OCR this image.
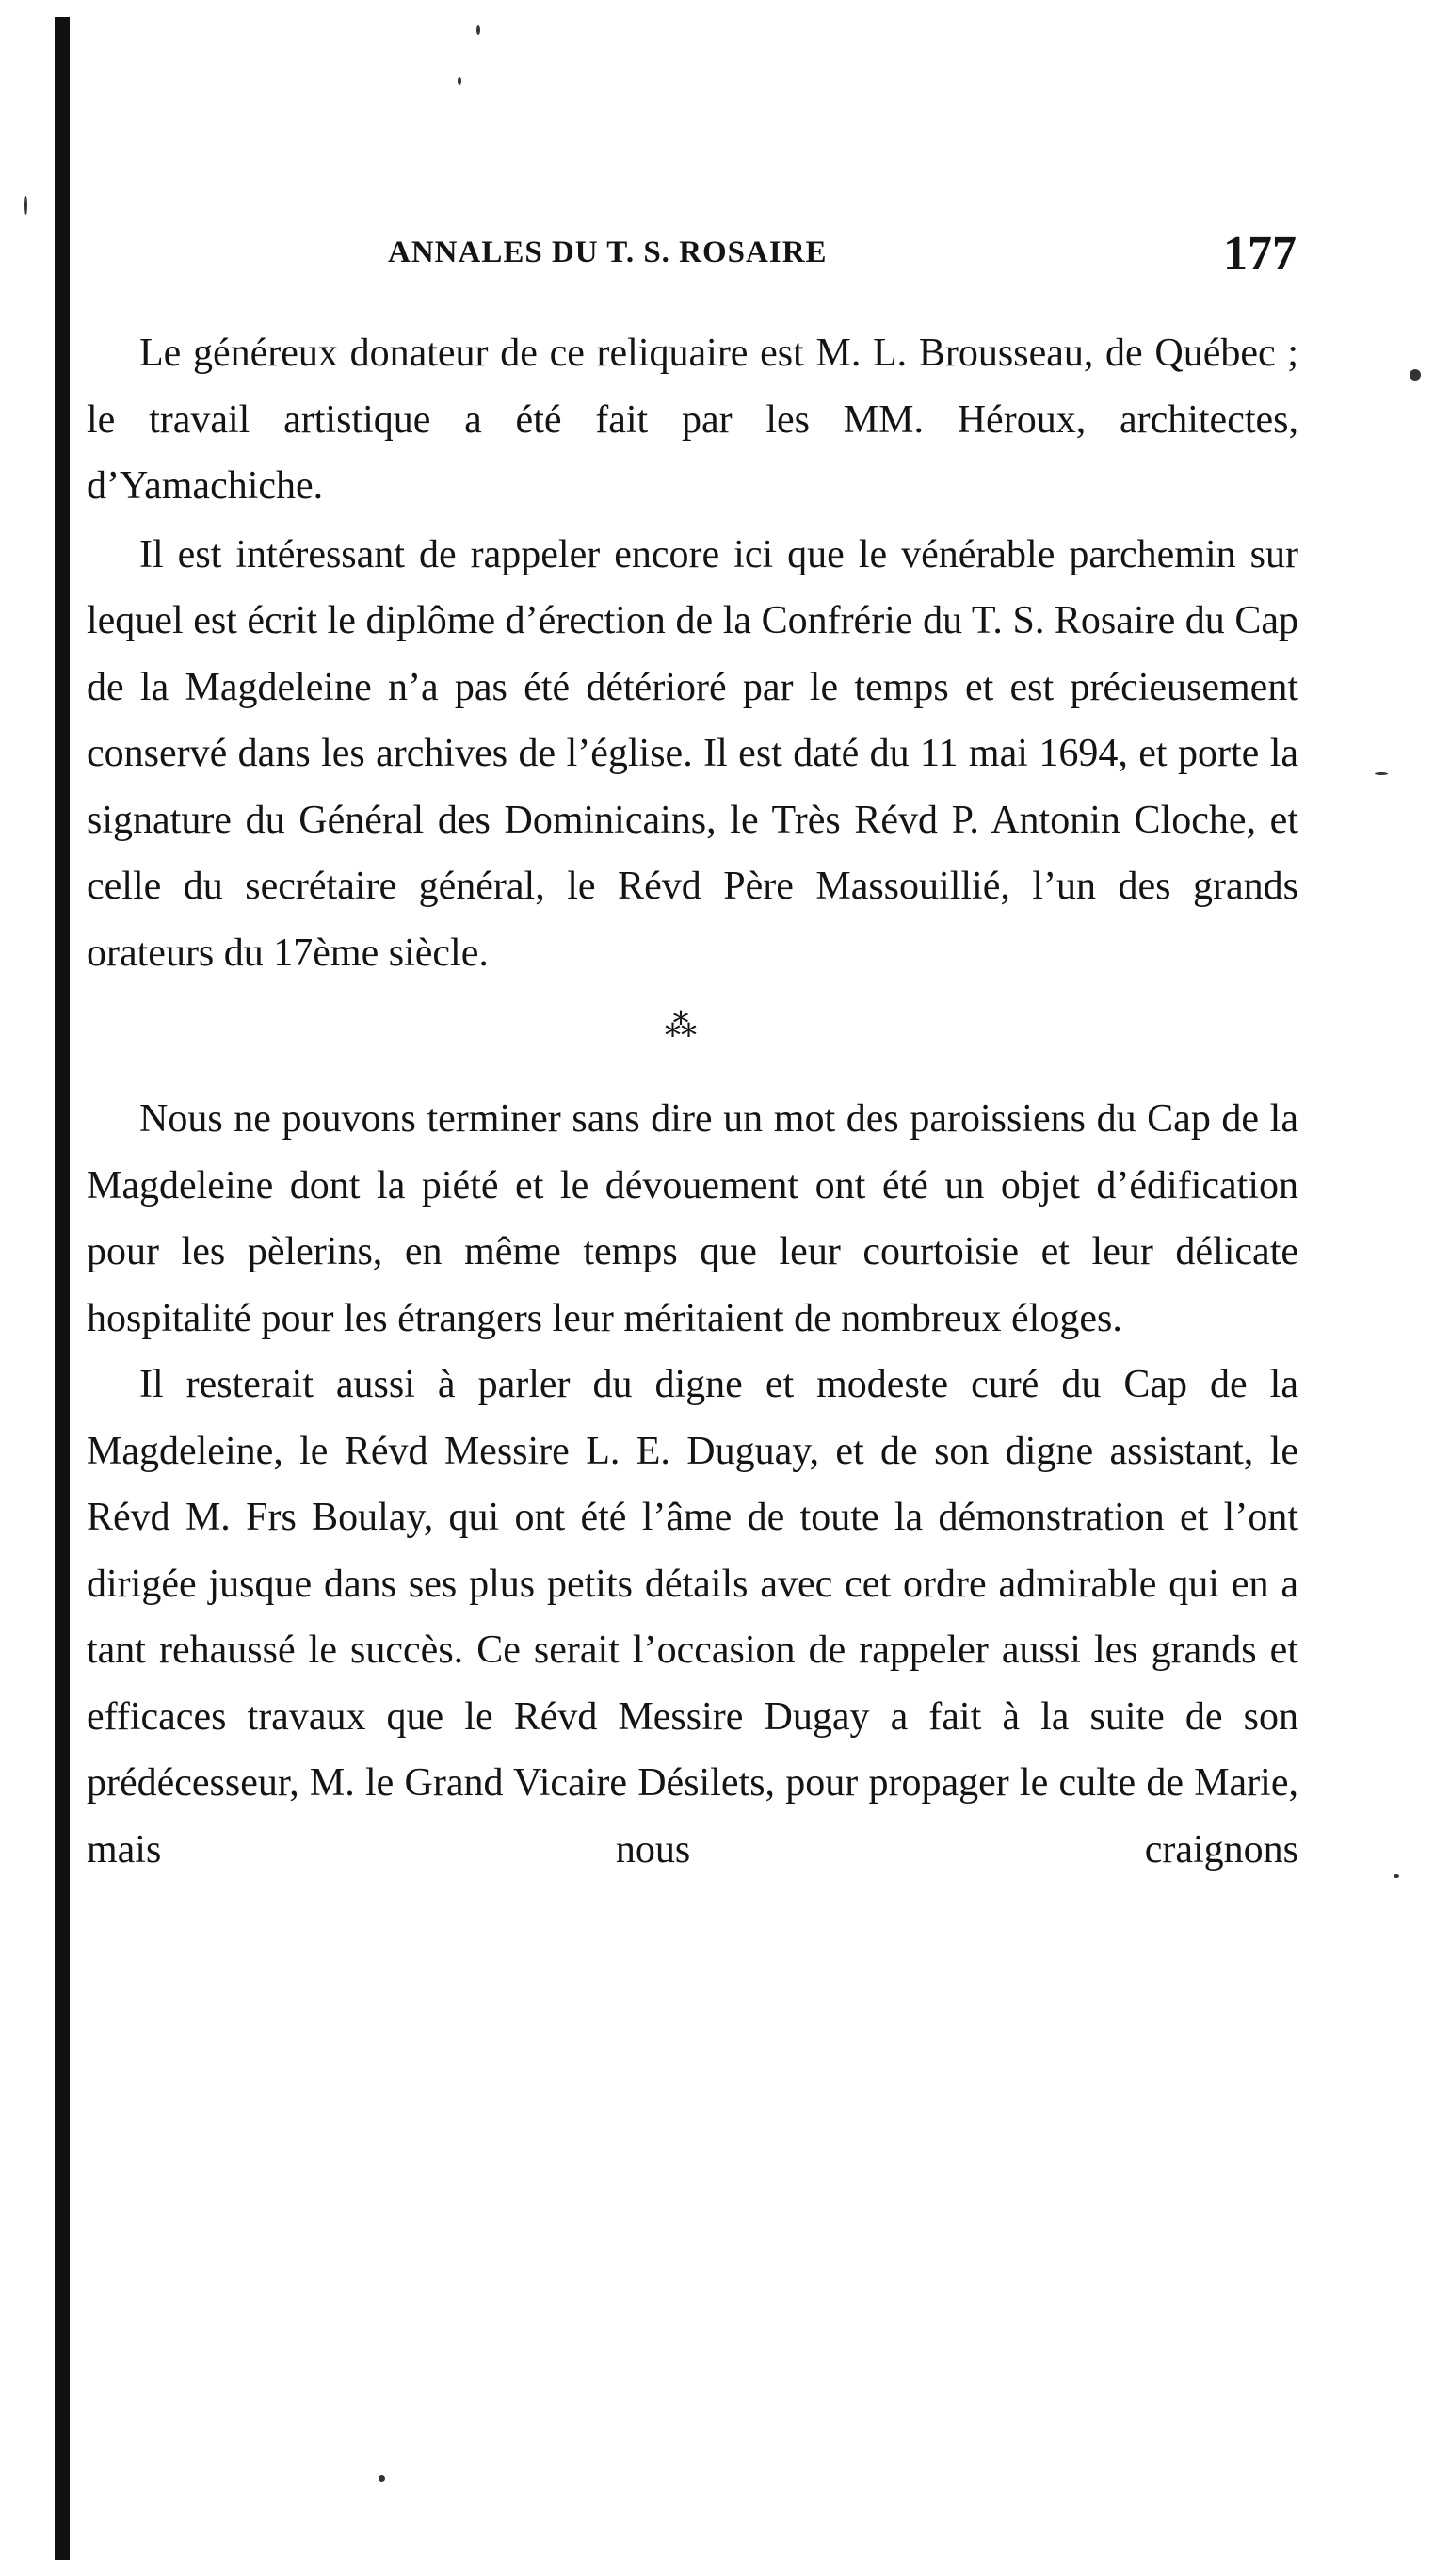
ANNALES DU T. S. ROSAIRE	177

Le généreux donateur de ce reliquaire est M. L. Brousseau, de Québec ; le travail artistique a été fait par les MM. Héroux, architectes, d’Yamachiche.

Il est intéressant de rappeler encore ici que le vénérable parchemin sur lequel est écrit le diplôme d’érection de la Confrérie du T. S. Rosaire du Cap de la Magdeleine n’a pas été détérioré par le temps et est précieusement conservé dans les archives de l’église. Il est daté du 11 mai 1694, et porte la signature du Général des Dominicains, le Très Révd P. Antonin Cloche, et celle du secrétaire général, le Révd Père Massouillié, l’un des grands orateurs du 17ème siècle.

⁂

Nous ne pouvons terminer sans dire un mot des paroissiens du Cap de la Magdeleine dont la piété et le dévouement ont été un objet d’édification pour les pèlerins, en même temps que leur courtoisie et leur délicate hospitalité pour les étrangers leur méritaient de nombreux éloges.

Il resterait aussi à parler du digne et modeste curé du Cap de la Magdeleine, le Révd Messire L. E. Duguay, et de son digne assistant, le Révd M. Frs Boulay, qui ont été l’âme de toute la démonstration et l’ont dirigée jusque dans ses plus petits détails avec cet ordre admirable qui en a tant rehaussé le succès. Ce serait l’occasion de rappeler aussi les grands et efficaces travaux que le Révd Messire Dugay a fait à la suite de son prédécesseur, M. le Grand Vicaire Désilets, pour propager le culte de Marie, mais nous craignons
